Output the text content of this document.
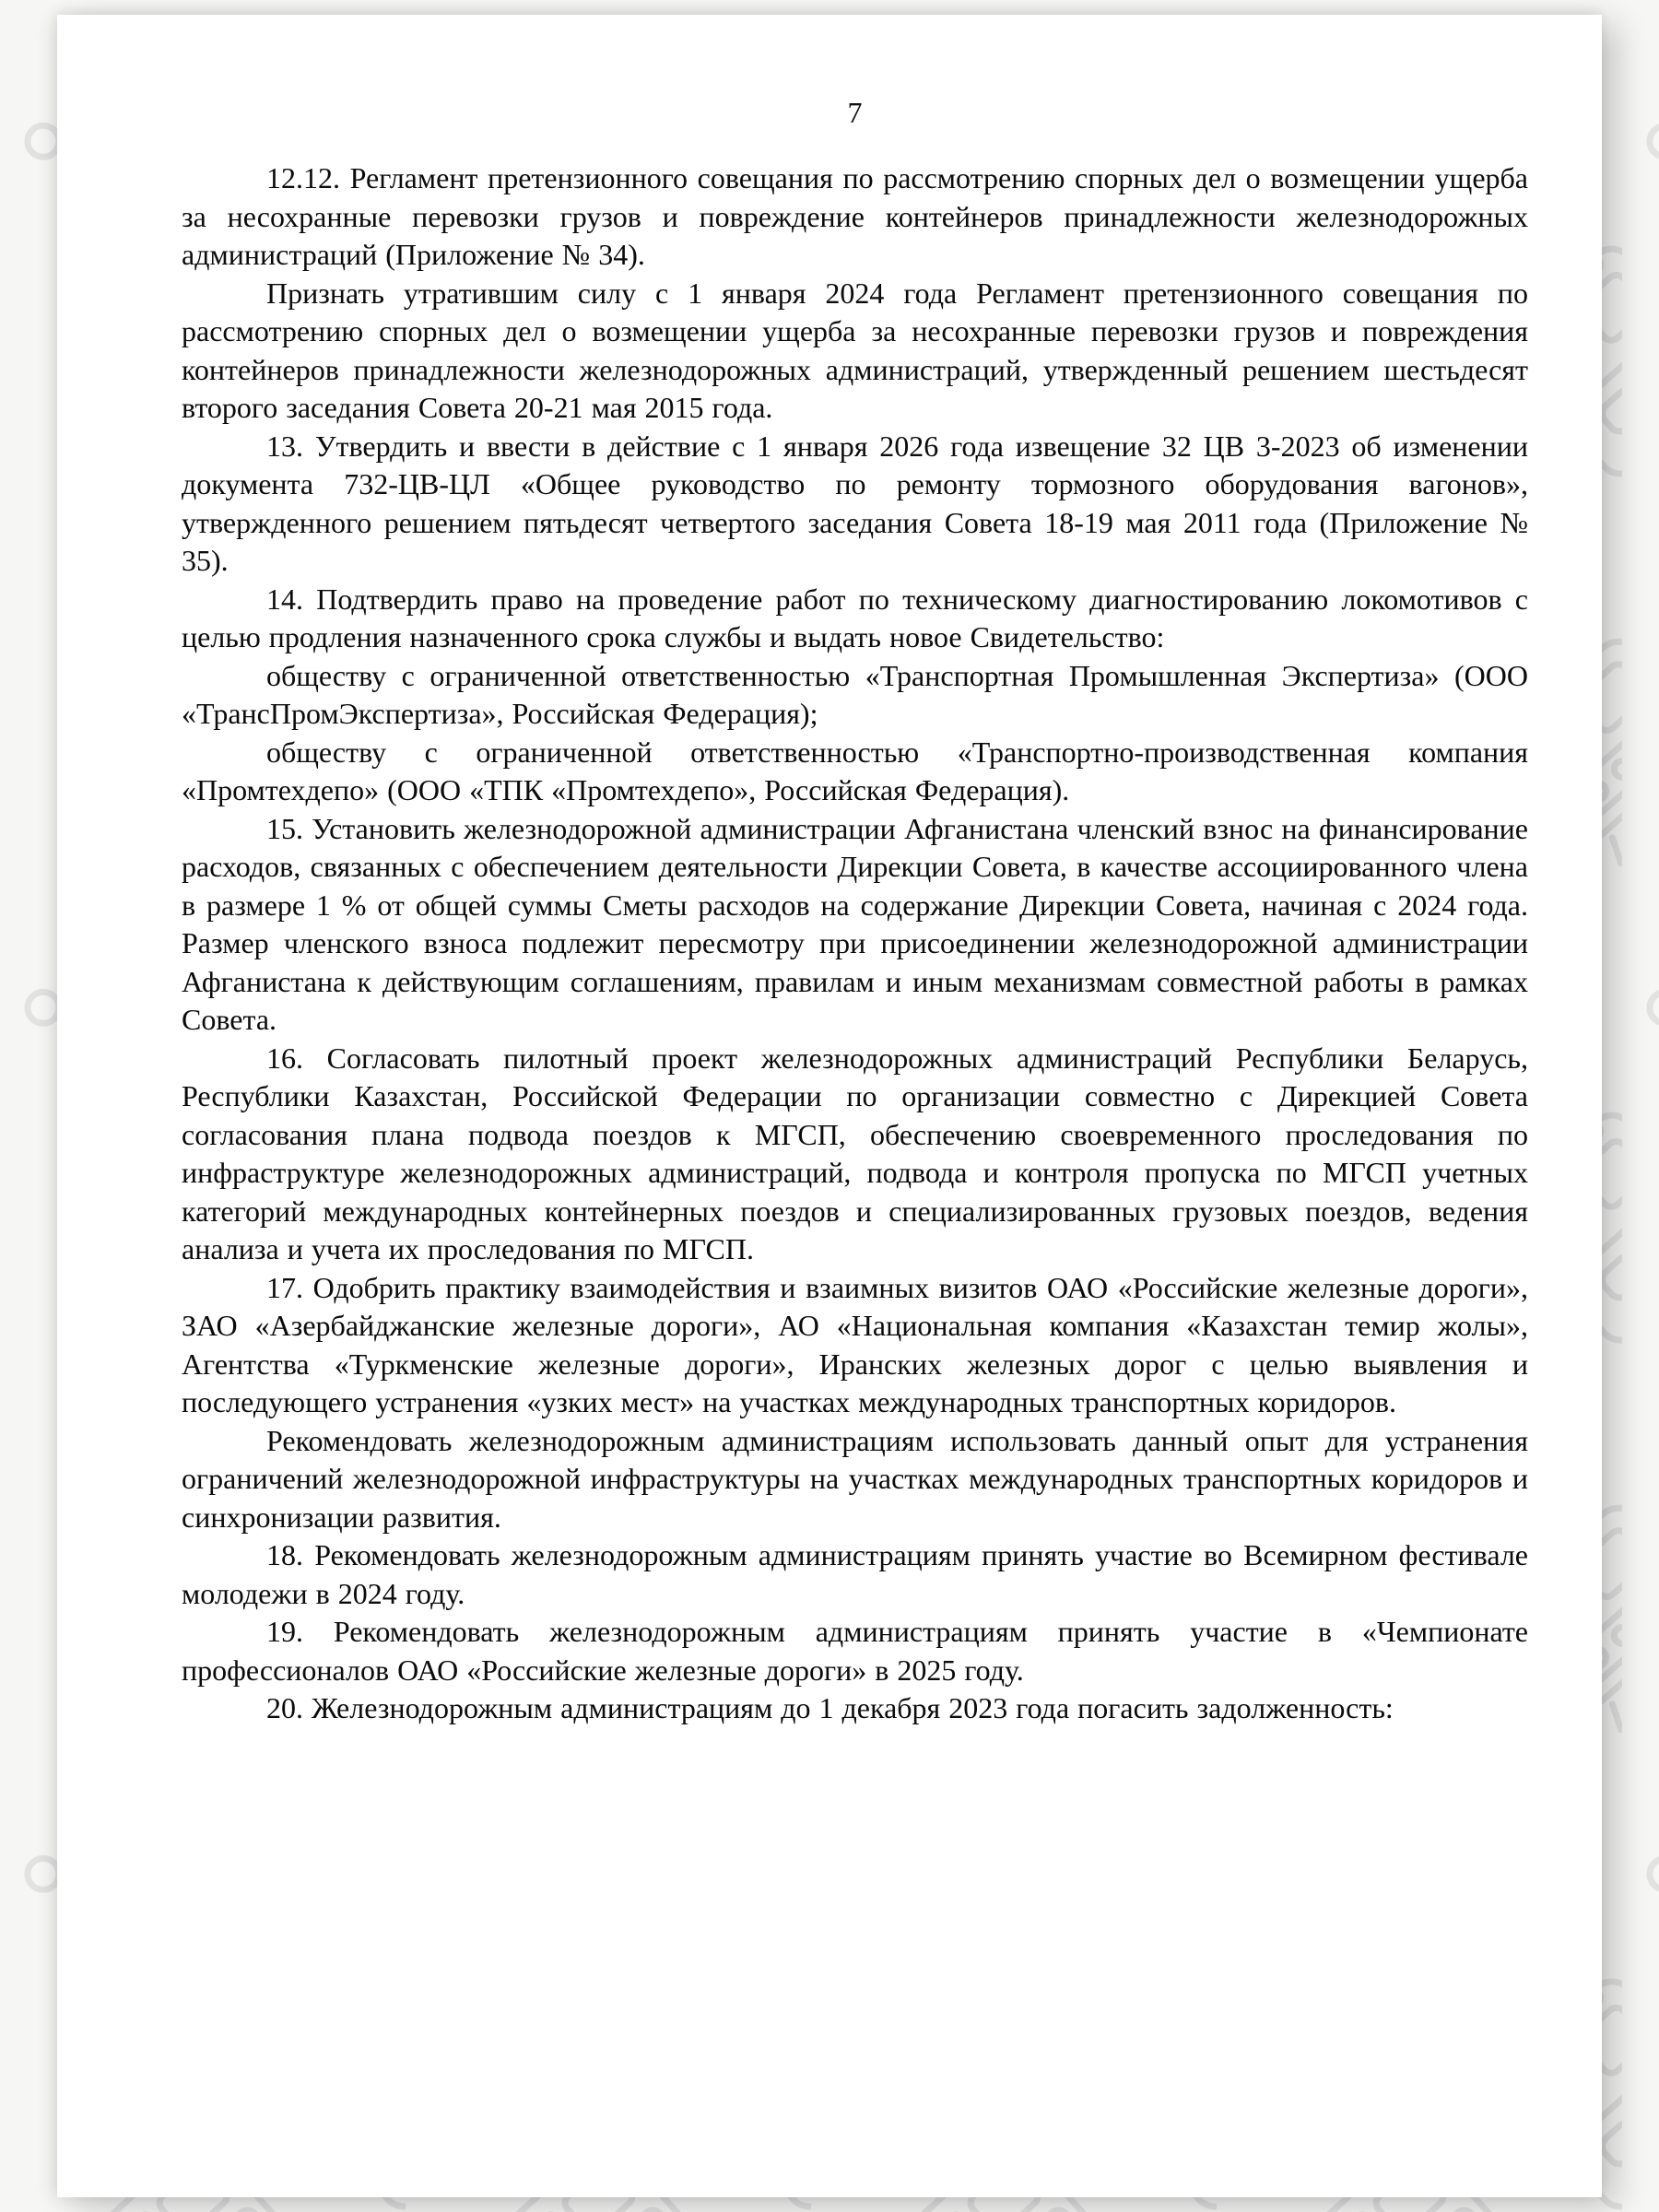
7

12.12. Регламент претензионного совещания по рассмотрению спорных дел о возмещении ущерба за несохранные перевозки грузов и повреждение контейнеров принадлежности железнодорожных администраций (Приложение № 34).

Признать утратившим силу с 1 января 2024 года Регламент претензионного совещания по рассмотрению спорных дел о возмещении ущерба за несохранные перевозки грузов и повреждения контейнеров принадлежности железнодорожных администраций, утвержденный решением шестьдесят второго заседания Совета 20-21 мая 2015 года.

13. Утвердить и ввести в действие с 1 января 2026 года извещение 32 ЦВ 3-2023 об изменении документа 732-ЦВ-ЦЛ «Общее руководство по ремонту тормозного оборудования вагонов», утвержденного решением пятьдесят четвертого заседания Совета 18-19 мая 2011 года (Приложение № 35).

14. Подтвердить право на проведение работ по техническому диагностированию локомотивов с целью продления назначенного срока службы и выдать новое Свидетельство:

обществу с ограниченной ответственностью «Транспортная Промышленная Экспертиза» (ООО «ТрансПромЭкспертиза», Российская Федерация);

обществу с ограниченной ответственностью «Транспортно-производственная компания «Промтехдепо» (ООО «ТПК «Промтехдепо», Российская Федерация).

15. Установить железнодорожной администрации Афганистана членский взнос на финансирование расходов, связанных с обеспечением деятельности Дирекции Совета, в качестве ассоциированного члена в размере 1 % от общей суммы Сметы расходов на содержание Дирекции Совета, начиная с 2024 года. Размер членского взноса подлежит пересмотру при присоединении железнодорожной администрации Афганистана к действующим соглашениям, правилам и иным механизмам совместной работы в рамках Совета.

16. Согласовать пилотный проект железнодорожных администраций Республики Беларусь, Республики Казахстан, Российской Федерации по организации совместно с Дирекцией Совета согласования плана подвода поездов к МГСП, обеспечению своевременного проследования по инфраструктуре железнодорожных администраций, подвода и контроля пропуска по МГСП учетных категорий международных контейнерных поездов и специализированных грузовых поездов, ведения анализа и учета их проследования по МГСП.

17. Одобрить практику взаимодействия и взаимных визитов ОАО «Российские железные дороги», ЗАО «Азербайджанские железные дороги», АО «Национальная компания «Казахстан темир жолы», Агентства «Туркменские железные дороги», Иранских железных дорог с целью выявления и последующего устранения «узких мест» на участках международных транспортных коридоров.

Рекомендовать железнодорожным администрациям использовать данный опыт для устранения ограничений железнодорожной инфраструктуры на участках международных транспортных коридоров и синхронизации развития.

18. Рекомендовать железнодорожным администрациям принять участие во Всемирном фестивале молодежи в 2024 году.

19. Рекомендовать железнодорожным администрациям принять участие в «Чемпионате профессионалов ОАО «Российские железные дороги» в 2025 году.

20. Железнодорожным администрациям до 1 декабря 2023 года погасить задолженность:
